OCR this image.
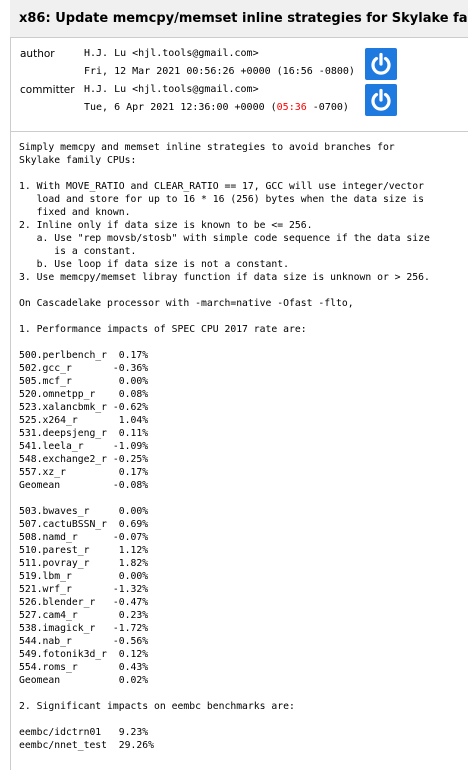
x86: Update memcpy/memset inline strategies for Skylake fa
author	H.J. Lu <hjl.tools@gmail.com>
Fri, 12 Mar 2021 00:56:26 +0000 (16:56 -0800)
committer H.J. Lu <hjl.tools@gmail.com>
Tue, 6 Apr 2021 12:36:00 +0000 (05:36 -0700)
Simply memcpy and memset inline strategies to avoid branches for
Skylake family CPUs:

1. With MOVE_RATIO and CLEAR_RATIO == 17, GCC will use integer/vector
load and store for up to 16 * 16 (256) bytes when the data size is
fixed and known.
2. Inline only if data size is known to be <= 256.
a. Use "rep movsb/stosb" with simple code sequence if the data size
is a constant.
b. Use loop if data size is not a constant.
3. Use memcpy/memset libray function if data size is unknown or > 256.

On Cascadelake processor with -march=native -Ofast -flto,

1. Performance impacts of SPEC CPU 2017 rate are:

500.perlbench_r  0.17%
502.gcc_r       -0.36%
505.mcf_r        0.00%
520.omnetpp_r    0.08%
523.xalancbmk_r -0.62%
525.x264_r       1.04%
531.deepsjeng_r  0.11%
541.leela_r     -1.09%
548.exchange2_r -0.25%
557.xz_r         0.17%
Geomean         -0.08%

503.bwaves_r     0.00%
507.cactuBSSN_r  0.69%
508.namd_r      -0.07%
510.parest_r     1.12%
511.povray_r     1.82%
519.lbm_r        0.00%
521.wrf_r       -1.32%
526.blender_r   -0.47%
527.cam4_r       0.23%
538.imagick_r   -1.72%
544.nab_r       -0.56%
549.fotonik3d_r  0.12%
554.roms_r       0.43%
Geomean          0.02%

2. Significant impacts on eembc benchmarks are:

eembc/idctrn01   9.23%
eembc/nnet_test  29.26%
